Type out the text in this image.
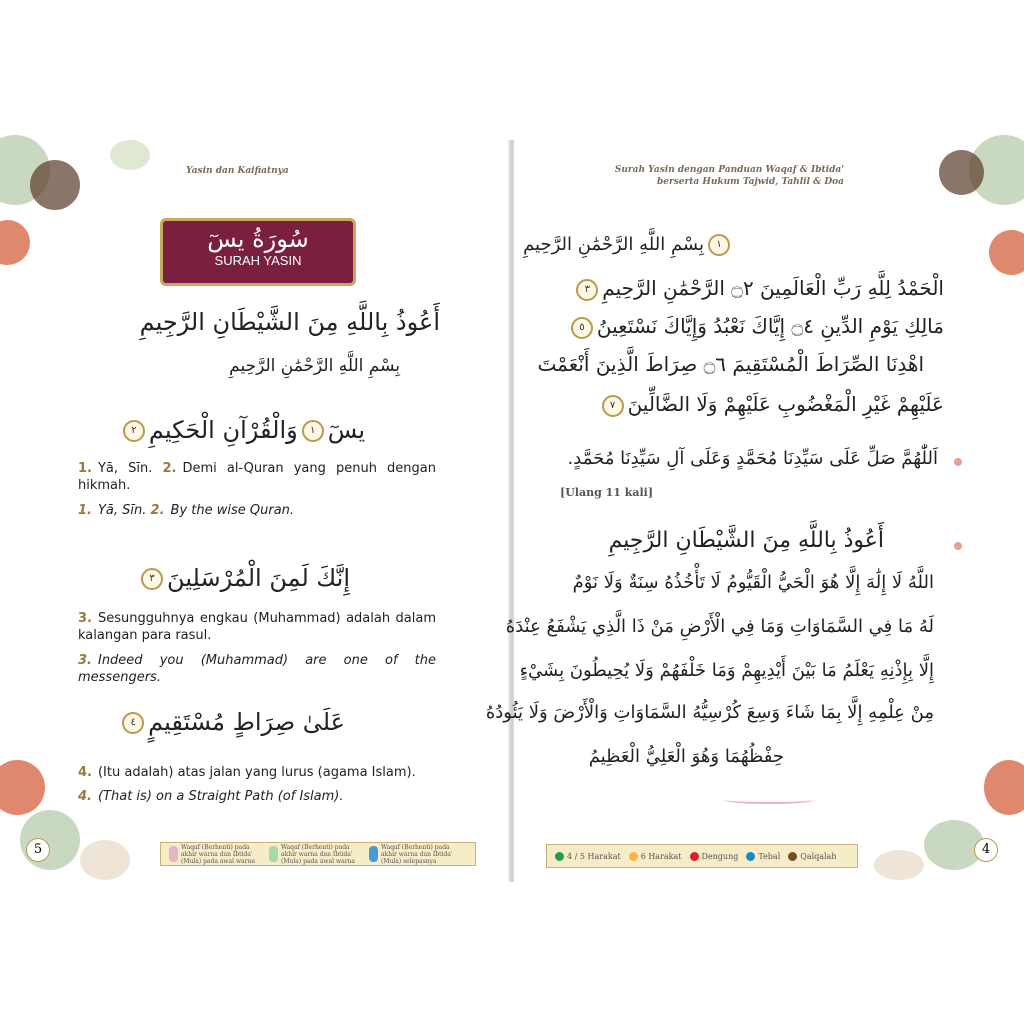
Yasin dan Kaifiatnya
سُورَةُ يسٓ
SURAH YASIN
أَعُوذُ بِاللَّهِ مِنَ الشَّيْطَانِ الرَّجِيمِ
بِسْمِ اللَّهِ الرَّحْمَٰنِ الرَّحِيمِ
يسٓ١وَالْقُرْآنِ الْحَكِيمِ٢
1. Yā, Sīn. 2. Demi al-Quran yang penuh dengan hikmah.
1. Yā, Sīn. 2. By the wise Quran.
إِنَّكَ لَمِنَ الْمُرْسَلِينَ٣
3. Sesungguhnya engkau (Muhammad) adalah dalam kalangan para rasul.
3. Indeed you (Muhammad) are one of the messengers.
عَلَىٰ صِرَاطٍ مُسْتَقِيمٍ٤
4. (Itu adalah) atas jalan yang lurus (agama Islam).
4. (That is) on a Straight Path (of Islam).
5	Waqaf (Berhenti) pada akhir warna dan Ibtida' (Mula) pada awal warna
Waqaf (Berhenti) pada akhir warna dan Ibtida' (Mula) pada awal warna
Waqaf (Berhenti) pada akhir warna dan Ibtida' (Mula) selepasnya
Surah Yasin dengan Panduan Waqaf & Ibtida'
berserta Hukum Tajwid, Tahlil & Doa
١بِسْمِ اللَّهِ الرَّحْمَٰنِ الرَّحِيمِ
الْحَمْدُ لِلَّهِ رَبِّ الْعَالَمِينَ ۝٢ الرَّحْمَٰنِ الرَّحِيمِ٣
مَالِكِ يَوْمِ الدِّينِ ۝٤ إِيَّاكَ نَعْبُدُ وَإِيَّاكَ نَسْتَعِينُ٥
اهْدِنَا الصِّرَاطَ الْمُسْتَقِيمَ ۝٦ صِرَاطَ الَّذِينَ أَنْعَمْتَ
عَلَيْهِمْ غَيْرِ الْمَغْضُوبِ عَلَيْهِمْ وَلَا الضَّالِّينَ٧
اَللّٰهُمَّ صَلِّ عَلَى سَيِّدِنَا مُحَمَّدٍ وَعَلَى آلِ سَيِّدِنَا مُحَمَّدٍ.
[Ulang 11 kali]
أَعُوذُ بِاللَّهِ مِنَ الشَّيْطَانِ الرَّجِيمِ
اللَّهُ لَا إِلَٰهَ إِلَّا هُوَ الْحَيُّ الْقَيُّومُ لَا تَأْخُذُهُ سِنَةٌ وَلَا نَوْمٌ
لَهُ مَا فِي السَّمَاوَاتِ وَمَا فِي الْأَرْضِ مَنْ ذَا الَّذِي يَشْفَعُ عِنْدَهُ
إِلَّا بِإِذْنِهِ يَعْلَمُ مَا بَيْنَ أَيْدِيهِمْ وَمَا خَلْفَهُمْ وَلَا يُحِيطُونَ بِشَيْءٍ
مِنْ عِلْمِهِ إِلَّا بِمَا شَاءَ وَسِعَ كُرْسِيُّهُ السَّمَاوَاتِ وَالْأَرْضَ وَلَا يَئُودُهُ
حِفْظُهُمَا وَهُوَ الْعَلِيُّ الْعَظِيمُ
4 / 5 Harakat	6 Harakat	Dengung	Tebal	Qalqalah	4
